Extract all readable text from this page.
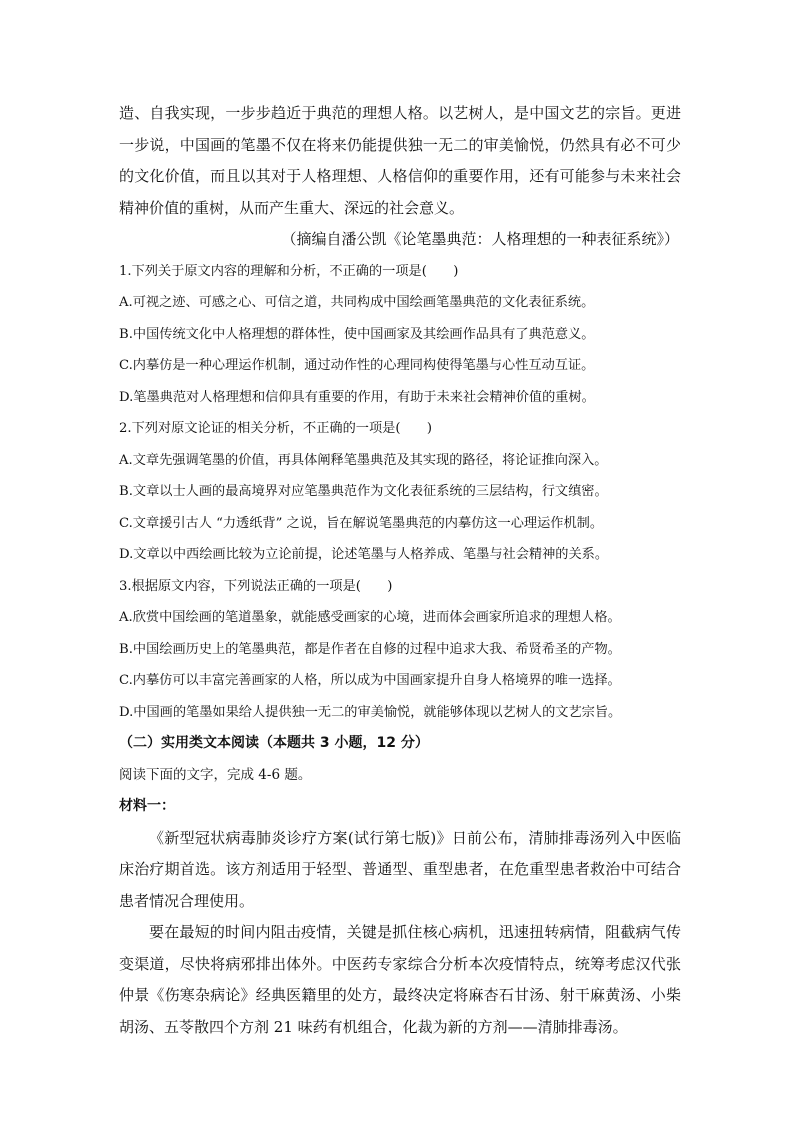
造、自我实现，一步步趋近于典范的理想人格。以艺树人，是中国文艺的宗旨。更进一步说，中国画的笔墨不仅在将来仍能提供独一无二的审美愉悦，仍然具有必不可少的文化价值，而且以其对于人格理想、人格信仰的重要作用，还有可能参与未来社会精神价值的重树，从而产生重大、深远的社会意义。

（摘编自潘公凯《论笔墨典范：人格理想的一种表征系统》）

1.下列关于原文内容的理解和分析，不正确的一项是(　　)

A.可视之迹、可感之心、可信之道，共同构成中国绘画笔墨典范的文化表征系统。

B.中国传统文化中人格理想的群体性，使中国画家及其绘画作品具有了典范意义。

C.内摹仿是一种心理运作机制，通过动作性的心理同构使得笔墨与心性互动互证。

D.笔墨典范对人格理想和信仰具有重要的作用，有助于未来社会精神价值的重树。

2.下列对原文论证的相关分析，不正确的一项是(　　)

A.文章先强调笔墨的价值，再具体阐释笔墨典范及其实现的路径，将论证推向深入。

B.文章以士人画的最高境界对应笔墨典范作为文化表征系统的三层结构，行文缜密。

C.文章援引古人 “力透纸背” 之说，旨在解说笔墨典范的内摹仿这一心理运作机制。

D.文章以中西绘画比较为立论前提，论述笔墨与人格养成、笔墨与社会精神的关系。

3.根据原文内容，下列说法正确的一项是(　　)

A.欣赏中国绘画的笔道墨象，就能感受画家的心境，进而体会画家所追求的理想人格。

B.中国绘画历史上的笔墨典范，都是作者在自修的过程中追求大我、希贤希圣的产物。

C.内摹仿可以丰富完善画家的人格，所以成为中国画家提升自身人格境界的唯一选择。

D.中国画的笔墨如果给人提供独一无二的审美愉悦，就能够体现以艺树人的文艺宗旨。

（二）实用类文本阅读（本题共 3 小题，12 分）

阅读下面的文字，完成 4-6 题。

材料一：

《新型冠状病毒肺炎诊疗方案(试行第七版)》日前公布，清肺排毒汤列入中医临床治疗期首选。该方剂适用于轻型、普通型、重型患者，在危重型患者救治中可结合患者情况合理使用。

要在最短的时间内阻击疫情，关键是抓住核心病机，迅速扭转病情，阻截病气传变渠道，尽快将病邪排出体外。中医药专家综合分析本次疫情特点，统筹考虑汉代张仲景《伤寒杂病论》经典医籍里的处方，最终决定将麻杏石甘汤、射干麻黄汤、小柴胡汤、五苓散四个方剂 21 味药有机组合，化裁为新的方剂——清肺排毒汤。
